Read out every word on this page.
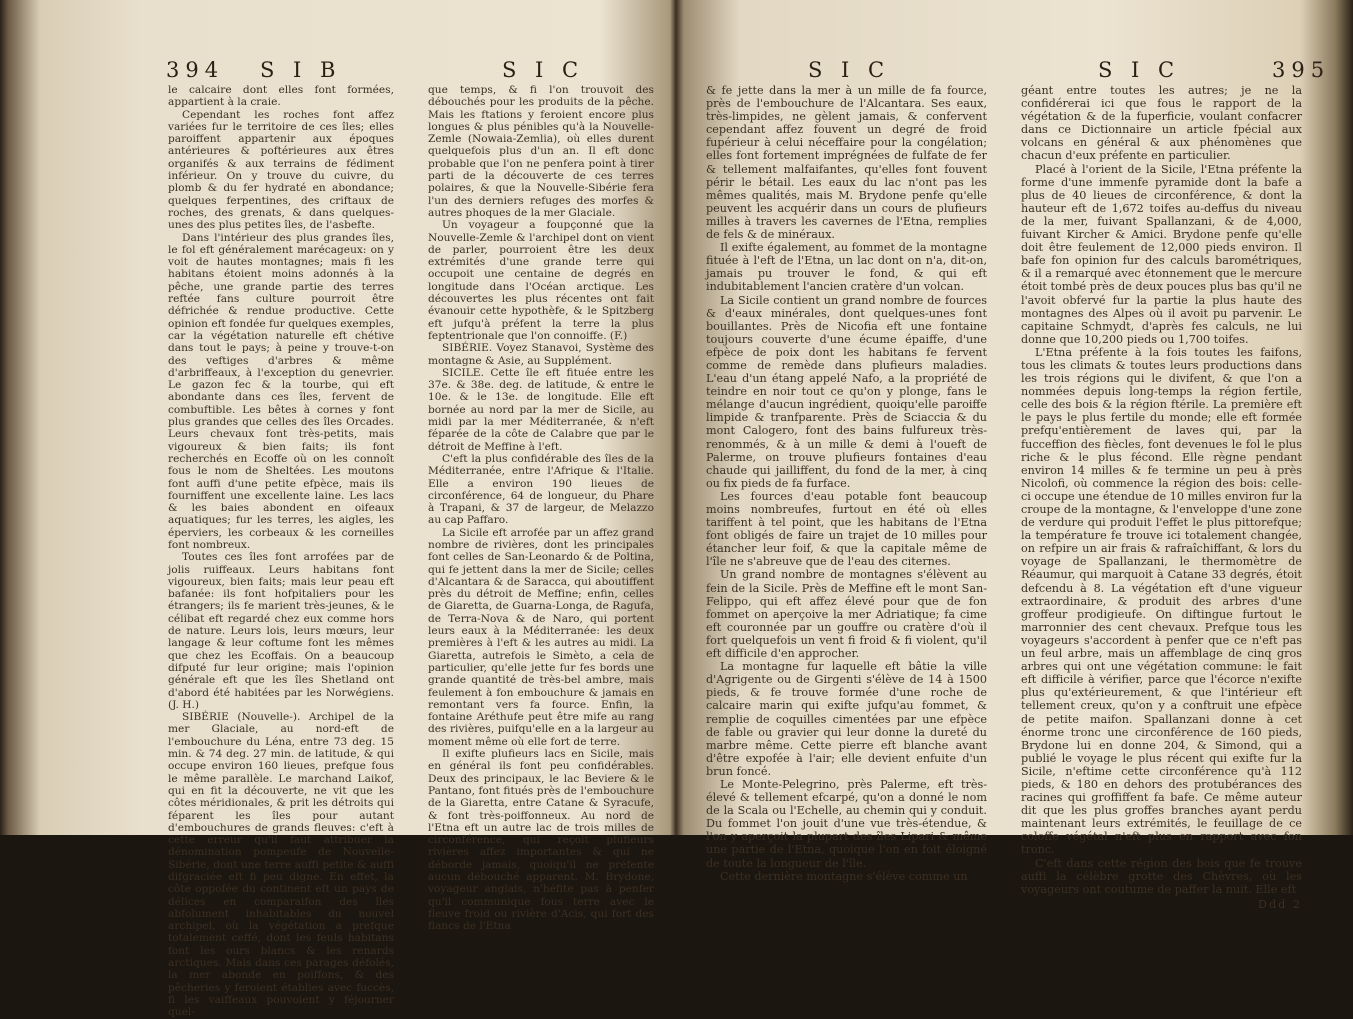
394 S I B	S I C

le calcaire dont elles font formées, appartient à la craie.

Cependant les roches font affez variées fur le territoire de ces îles; elles paroiffent appartenir aux époques antérieures & poftérieures aux êtres organifés & aux terrains de fédiment inférieur. On y trouve du cuivre, du plomb & du fer hydraté en abondance; quelques ferpentines, des criftaux de roches, des grenats, & dans quelques-unes des plus petites îles, de l'asbefte.

Dans l'intérieur des plus grandes îles, le fol eft généralement marécageux: on y voit de hautes montagnes; mais fi les habitans étoient moins adonnés à la pêche, une grande partie des terres reftée fans culture pourroit être défrichée & rendue productive. Cette opinion eft fondée fur quelques exemples, car la végétation naturelle eft chétive dans tout le pays; à peine y trouve-t-on des veftiges d'arbres & même d'arbriffeaux, à l'exception du genevrier. Le gazon fec & la tourbe, qui eft abondante dans ces îles, fervent de combuftible. Les bêtes à cornes y font plus grandes que celles des îles Orcades. Leurs chevaux font très-petits, mais vigoureux & bien faits; ils font recherchés en Ecoffe où on les connoît fous le nom de Sheltées. Les moutons font auffi d'une petite efpèce, mais ils fourniffent une excellente laine. Les lacs & les baies abondent en oifeaux aquatiques; fur les terres, les aigles, les éperviers, les corbeaux & les corneilles font nombreux.

Toutes ces îles font arrofées par de jolis ruiffeaux. Leurs habitans font vigoureux, bien faits; mais leur peau eft bafanée: ils font hofpitaliers pour les étrangers; ils fe marient très-jeunes, & le célibat eft regardé chez eux comme hors de nature. Leurs lois, leurs mœurs, leur langage & leur coftume font les mêmes que chez les Ecoffais. On a beaucoup difputé fur leur origine; mais l'opinion générale eft que les îles Shetland ont d'abord été habitées par les Norwégiens. (J. H.)

SIBÉRIE (Nouvelle-). Archipel de la mer Glaciale, au nord-eft de l'embouchure du Léna, entre 73 deg. 15 min. & 74 deg. 27 min. de latitude, & qui occupe environ 160 lieues, prefque fous le même parallèle. Le marchand Laikof, qui en fit la découverte, ne vit que les côtes méridionales, & prit les détroits qui féparent les îles pour autant d'embouchures de grands fleuves: c'eft à cette erreur qu'il faut attribuer la dénomination pompeufe de Nouvelle-Sibérie, dont une terre auffi petite & auffi difgraciée eft fi peu digne. En effet, la côte oppofée du continent eft un pays de délices en comparaifon des îles abfolument inhabitables du nouvel archipel, où la végétation a prefque totalement ceffé, dont les feuls habitans font les ours blancs & les renards arctiques. Mais dans ces parages défolés, la mer abonde en poiffons, & des pêcheries y feroient établies avec fuccès, fi les vaiffeaux pouvoient y féjourner quel-

que temps, & fi l'on trouvoit des débouchés pour les produits de la pêche. Mais les ftations y feroient encore plus longues & plus pénibles qu'à la Nouvelle-Zemle (Nowaia-Zemlia), où elles durent quelquefois plus d'un an. Il eft donc probable que l'on ne penfera point à tirer parti de la découverte de ces terres polaires, & que la Nouvelle-Sibérie fera l'un des derniers refuges des morfes & autres phoques de la mer Glaciale.

Un voyageur a foupçonné que la Nouvelle-Zemle & l'archipel dont on vient de parler, pourroient être les deux extrémités d'une grande terre qui occupoit une centaine de degrés en longitude dans l'Océan arctique. Les découvertes les plus récentes ont fait évanouir cette hypothèfe, & le Spitzberg eft jufqu'à préfent la terre la plus feptentrionale que l'on connoiffe. (F.)

SIBÉRIE. Voyez Stanavoi, Système des montagne & Asie, au Supplément.

SICILE. Cette île eft fituée entre les 37e. & 38e. deg. de latitude, & entre le 10e. & le 13e. de longitude. Elle eft bornée au nord par la mer de Sicile, au midi par la mer Méditerranée, & n'eft féparée de la côte de Calabre que par le détroit de Meffine à l'eft.

C'eft la plus confidérable des îles de la Méditerranée, entre l'Afrique & l'Italie. Elle a environ 190 lieues de circonférence, 64 de longueur, du Phare à Trapani, & 37 de largeur, de Melazzo au cap Paffaro.

La Sicile eft arrofée par un affez grand nombre de rivières, dont les principales font celles de San-Leonardo & de Poltina, qui fe jettent dans la mer de Sicile; celles d'Alcantara & de Saracca, qui aboutiffent près du détroit de Meffine; enfin, celles de Giaretta, de Guarna-Longa, de Ragufa, de Terra-Nova & de Naro, qui portent leurs eaux à la Méditerranée: les deux premières à l'eft & les autres au midi. La Giaretta, autrefois le Simèto, a cela de particulier, qu'elle jette fur fes bords une grande quantité de très-bel ambre, mais feulement à fon embouchure & jamais en remontant vers fa fource. Enfin, la fontaine Aréthufe peut être mife au rang des rivières, puifqu'elle en a la largeur au moment même où elle fort de terre.

Il exifte plufieurs lacs en Sicile, mais en général ils font peu confidérables. Deux des principaux, le lac Beviere & le Pantano, font fitués près de l'embouchure de la Giaretta, entre Catane & Syracufe, & font très-poiffonneux. Au nord de l'Etna eft un autre lac de trois milles de circonférence, qui reçoit plufieurs rivières affez importantes & qui ne déborde jamais, quoiqu'il ne préfente aucun débouché apparent. M. Brydone, voyageur anglais, n'héfite pas à penfer qu'il communique fous terre avec le fleuve froid ou rivière d'Acis, qui fort des flancs de l'Etna

S I C	S I C	395

& fe jette dans la mer à un mille de fa fource, près de l'embouchure de l'Alcantara. Ses eaux, très-limpides, ne gèlent jamais, & confervent cependant affez fouvent un degré de froid fupérieur à celui néceffaire pour la congélation; elles font fortement imprégnées de fulfate de fer & tellement malfaifantes, qu'elles font fouvent périr le bétail. Les eaux du lac n'ont pas les mêmes qualités, mais M. Brydone penfe qu'elle peuvent les acquérir dans un cours de plufieurs milles à travers les cavernes de l'Etna, remplies de fels & de minéraux.

Il exifte également, au fommet de la montagne fituée à l'eft de l'Etna, un lac dont on n'a, dit-on, jamais pu trouver le fond, & qui eft indubitablement l'ancien cratère d'un volcan.

La Sicile contient un grand nombre de fources & d'eaux minérales, dont quelques-unes font bouillantes. Près de Nicofia eft une fontaine toujours couverte d'une écume épaiffe, d'une efpèce de poix dont les habitans fe fervent comme de remède dans plufieurs maladies. L'eau d'un étang appelé Nafo, a la propriété de teindre en noir tout ce qu'on y plonge, fans le mélange d'aucun ingrédient, quoiqu'elle paroiffe limpide & tranfparente. Près de Sciaccia & du mont Calogero, font des bains fulfureux très-renommés, & à un mille & demi à l'oueft de Palerme, on trouve plufieurs fontaines d'eau chaude qui jailliffent, du fond de la mer, à cinq ou fix pieds de fa furface.

Les fources d'eau potable font beaucoup moins nombreufes, furtout en été où elles tariffent à tel point, que les habitans de l'Etna font obligés de faire un trajet de 10 milles pour étancher leur foif, & que la capitale même de l'île ne s'abreuve que de l'eau des citernes.

Un grand nombre de montagnes s'élèvent au fein de la Sicile. Près de Meffine eft le mont San-Felippo, qui eft affez élevé pour que de fon fommet on aperçoive la mer Adriatique; fa cime eft couronnée par un gouffre ou cratère d'où il fort quelquefois un vent fi froid & fi violent, qu'il eft difficile d'en approcher.

La montagne fur laquelle eft bâtie la ville d'Agrigente ou de Girgenti s'élève de 14 à 1500 pieds, & fe trouve formée d'une roche de calcaire marin qui exifte jufqu'au fommet, & remplie de coquilles cimentées par une efpèce de fable ou gravier qui leur donne la dureté du marbre même. Cette pierre eft blanche avant d'être expofée à l'air; elle devient enfuite d'un brun foncé.

Le Monte-Pelegrino, près Palerme, eft très-élevé & tellement efcarpé, qu'on a donné le nom de la Scala ou l'Echelle, au chemin qui y conduit. Du fommet l'on jouit d'une vue très-étendue, & l'on y aperçoit la plupart des îles Lipari & même une partie de l'Etna, quoique l'on en foit éloigné de toute la longueur de l'île.

Cette dernière montagne s'élève comme un

géant entre toutes les autres; je ne la confidérerai ici que fous le rapport de la végétation & de la fuperficie, voulant confacrer dans ce Dictionnaire un article fpécial aux volcans en général & aux phénomènes que chacun d'eux préfente en particulier.

Placé à l'orient de la Sicile, l'Etna préfente la forme d'une immenfe pyramide dont la bafe a plus de 40 lieues de circonférence, & dont la hauteur eft de 1,672 toifes au-deffus du niveau de la mer, fuivant Spallanzani, & de 4,000, fuivant Kircher & Amici. Brydone penfe qu'elle doit être feulement de 12,000 pieds environ. Il bafe fon opinion fur des calculs barométriques, & il a remarqué avec étonnement que le mercure étoit tombé près de deux pouces plus bas qu'il ne l'avoit obfervé fur la partie la plus haute des montagnes des Alpes où il avoit pu parvenir. Le capitaine Schmydt, d'après fes calculs, ne lui donne que 10,200 pieds ou 1,700 toifes.

L'Etna préfente à la fois toutes les faifons, tous les climats & toutes leurs productions dans les trois régions qui le divifent, & que l'on a nommées depuis long-temps la région fertile, celle des bois & la région ftérile. La première eft le pays le plus fertile du monde; elle eft formée prefqu'entièrement de laves qui, par la fucceffion des fiècles, font devenues le fol le plus riche & le plus fécond. Elle règne pendant environ 14 milles & fe termine un peu à près Nicolofi, où commence la région des bois: celle-ci occupe une étendue de 10 milles environ fur la croupe de la montagne, & l'enveloppe d'une zone de verdure qui produit l'effet le plus pittorefque; la température fe trouve ici totalement changée, on refpire un air frais & rafraîchiffant, & lors du voyage de Spallanzani, le thermomètre de Réaumur, qui marquoit à Catane 33 degrés, étoit defcendu à 8. La végétation eft d'une vigueur extraordinaire, & produit des arbres d'une groffeur prodigieufe. On diftingue furtout le marronnier des cent chevaux. Prefque tous les voyageurs s'accordent à penfer que ce n'eft pas un feul arbre, mais un affemblage de cinq gros arbres qui ont une végétation commune: le fait eft difficile à vérifier, parce que l'écorce n'exifte plus qu'extérieurement, & que l'intérieur eft tellement creux, qu'on y a conftruit une efpèce de petite maifon. Spallanzani donne à cet énorme tronc une circonférence de 160 pieds, Brydone lui en donne 204, & Simond, qui a publié le voyage le plus récent qui exifte fur la Sicile, n'eftime cette circonférence qu'à 112 pieds, & 180 en dehors des protubérances des racines qui groffiffent fa bafe. Ce même auteur dit que les plus groffes branches ayant perdu maintenant leurs extrémités, le feuillage de ce coloffe végétal n'eft plus en rapport avec fon tronc.

C'eft dans cette région des bois que fe trouve auffi la célèbre grotte des Chèvres, où les voyageurs ont coutume de paffer la nuit. Elle eft

Ddd 2
